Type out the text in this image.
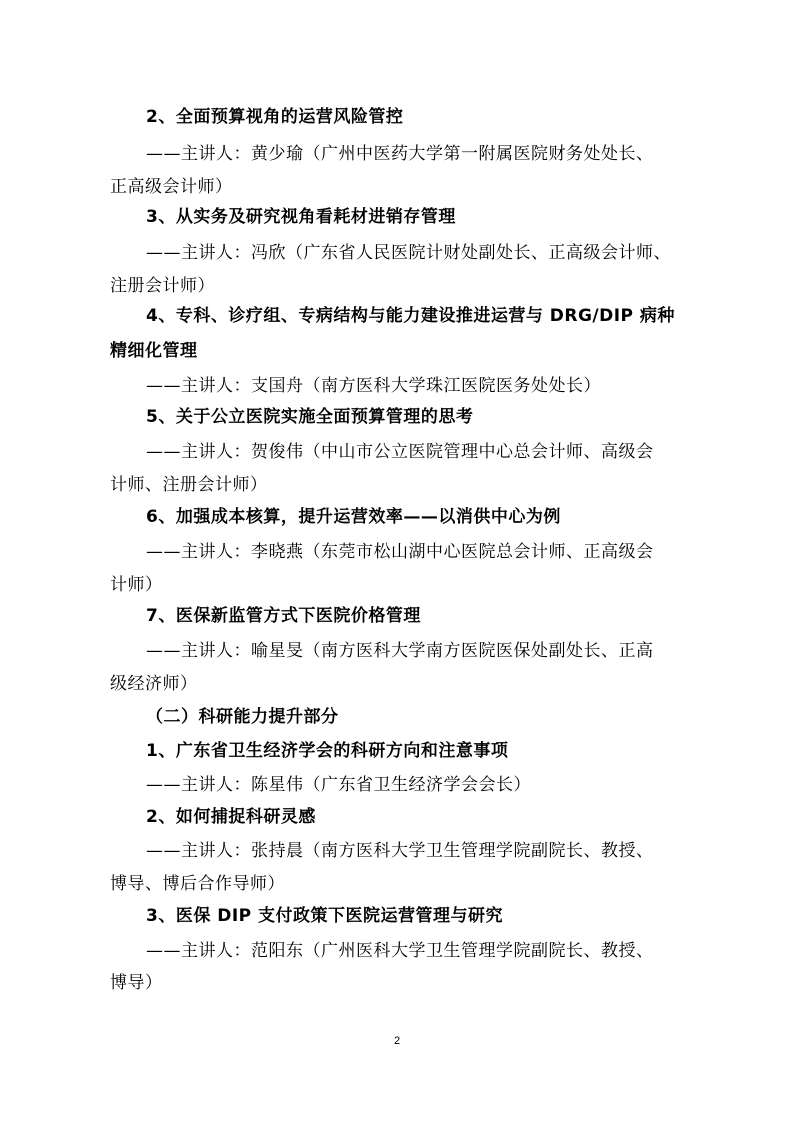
2、全面预算视角的运营风险管控
——主讲人：黄少瑜（广州中医药大学第一附属医院财务处处长、
正高级会计师）
3、从实务及研究视角看耗材进销存管理
——主讲人：冯欣（广东省人民医院计财处副处长、正高级会计师、
注册会计师）
4、专科、诊疗组、专病结构与能力建设推进运营与 DRG/DIP 病种
精细化管理
——主讲人：支国舟（南方医科大学珠江医院医务处处长）
5、关于公立医院实施全面预算管理的思考
——主讲人：贺俊伟（中山市公立医院管理中心总会计师、高级会
计师、注册会计师）
6、加强成本核算，提升运营效率——以消供中心为例
——主讲人：李晓燕（东莞市松山湖中心医院总会计师、正高级会
计师）
7、医保新监管方式下医院价格管理
——主讲人：喻星旻（南方医科大学南方医院医保处副处长、正高
级经济师）
（二）科研能力提升部分
1、广东省卫生经济学会的科研方向和注意事项
——主讲人：陈星伟（广东省卫生经济学会会长）
2、如何捕捉科研灵感
——主讲人：张持晨（南方医科大学卫生管理学院副院长、教授、
博导、博后合作导师）
3、医保 DIP 支付政策下医院运营管理与研究
——主讲人：范阳东（广州医科大学卫生管理学院副院长、教授、
博导）
2
